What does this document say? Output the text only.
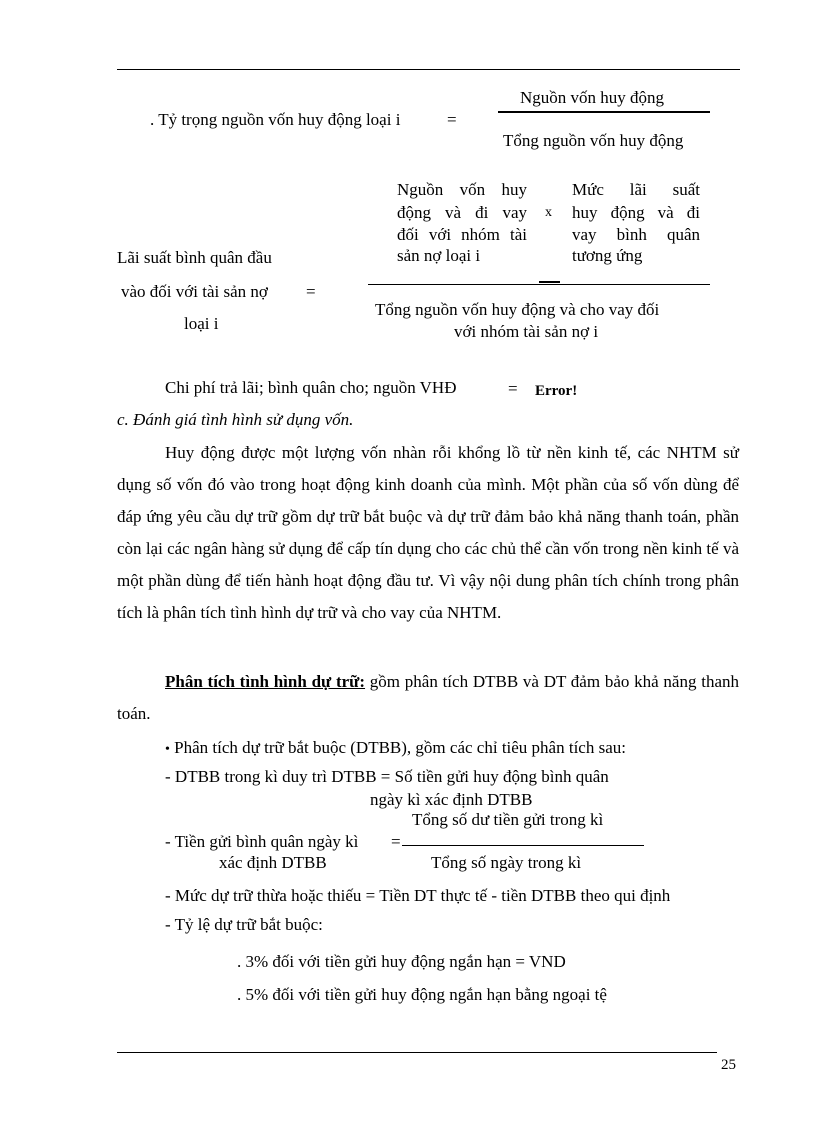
. Tỷ trọng nguồn vốn huy động loại i	=
Nguồn vốn huy động
Tổng nguồn vốn huy động
Nguồn vốn huy
động và đi vay
đối với nhóm tài
sản nợ loại i
x
Mức lãi suất
huy động và đi
vay bình quân
tương ứng
Tổng nguồn vốn huy động và cho vay đối
với nhóm tài sản nợ i
Lãi suất bình quân đầu
vào đối với tài sản nợ =
loại i
Chi phí trả lãi; bình quân cho; nguồn VHĐ	= Error!
c. Đánh giá tình hình sử dụng vốn.
Huy động được một lượng vốn nhàn rỗi khổng lồ từ nền kinh tế, các NHTM sử dụng số vốn đó vào trong hoạt động kinh doanh của mình. Một phần của số vốn dùng để đáp ứng yêu cầu dự trữ gồm dự trữ bắt buộc và dự trữ đảm bảo khả năng thanh toán, phần còn lại các ngân hàng sử dụng để cấp tín dụng cho các chủ thể cần vốn trong nền kinh tế và một phần dùng để tiến hành hoạt động đầu tư. Vì vậy nội dung phân tích chính trong phân tích là phân tích tình hình dự trữ và cho vay của NHTM.
Phân tích tình hình dự trữ: gồm phân tích DTBB và DT đảm bảo khả năng thanh toán.
• Phân tích dự trữ bắt buộc (DTBB), gồm các chỉ tiêu phân tích sau:
- DTBB trong kì duy trì DTBB = Số tiền gửi huy động bình quân
ngày kì xác định DTBB
Tổng số dư tiền gửi trong kì
- Tiền gửi bình quân ngày kì =
xác định DTBB	Tổng số ngày trong kì
- Mức dự trữ thừa hoặc thiếu = Tiền DT thực tế - tiền DTBB theo qui định
- Tỷ lệ dự trữ bắt buộc:
. 3% đối với tiền gửi huy động ngắn hạn = VND
. 5% đối với tiền gửi huy động ngắn hạn bằng ngoại tệ
25
